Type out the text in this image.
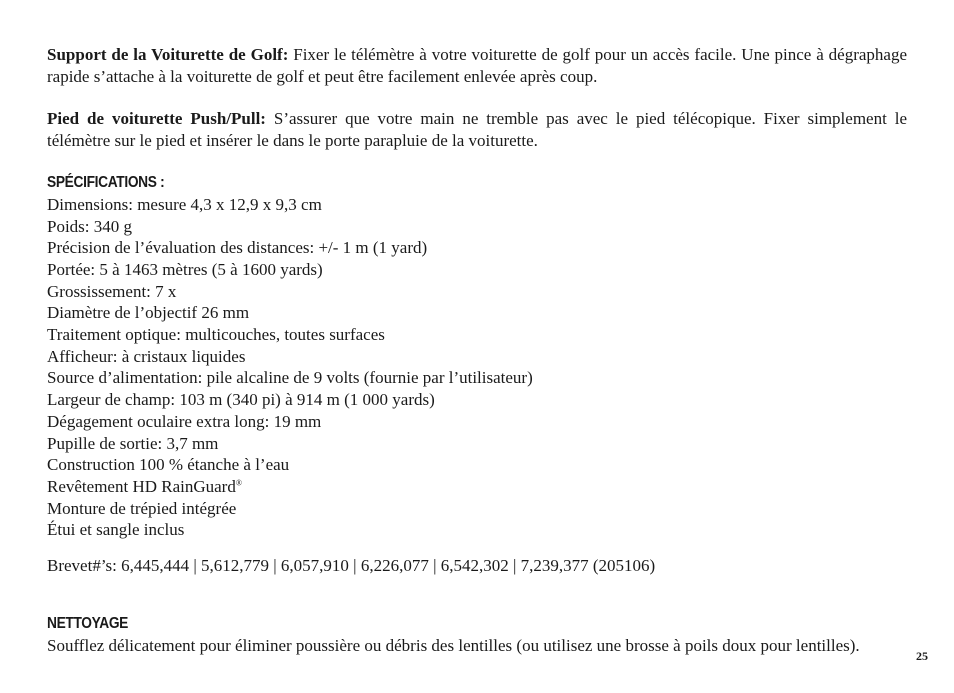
Support de la Voiturette de Golf: Fixer le télémètre à votre voiturette de golf pour un accès facile. Une pince à dégraphage rapide s’attache à la voiturette de golf et peut être facilement enlevée après coup.

Pied de voiturette Push/Pull: S’assurer que votre main ne tremble pas avec le pied télécopique. Fixer simplement le télémètre sur le pied et insérer le dans le porte parapluie de la voiturette.

SPÉCIFICATIONS :
Dimensions: mesure 4,3 x 12,9 x 9,3 cm
Poids: 340 g
Précision de l’évaluation des distances: +/- 1 m (1 yard)
Portée: 5 à 1463 mètres (5 à 1600 yards)
Grossissement: 7 x
Diamètre de l’objectif 26 mm
Traitement optique: multicouches, toutes surfaces
Afficheur: à cristaux liquides
Source d’alimentation: pile alcaline de 9 volts (fournie par l’utilisateur)
Largeur de champ: 103 m (340 pi) à 914 m (1 000 yards)
Dégagement oculaire extra long: 19 mm
Pupille de sortie: 3,7 mm
Construction 100 % étanche à l’eau
Revêtement HD RainGuard®
Monture de trépied intégrée
Étui et sangle inclus

Brevet#’s: 6,445,444 | 5,612,779 | 6,057,910 | 6,226,077 | 6,542,302 | 7,239,377 (205106)

NETTOYAGE

Soufflez délicatement pour éliminer poussière ou débris des lentilles (ou utilisez une brosse à poils doux pour lentilles).

25
